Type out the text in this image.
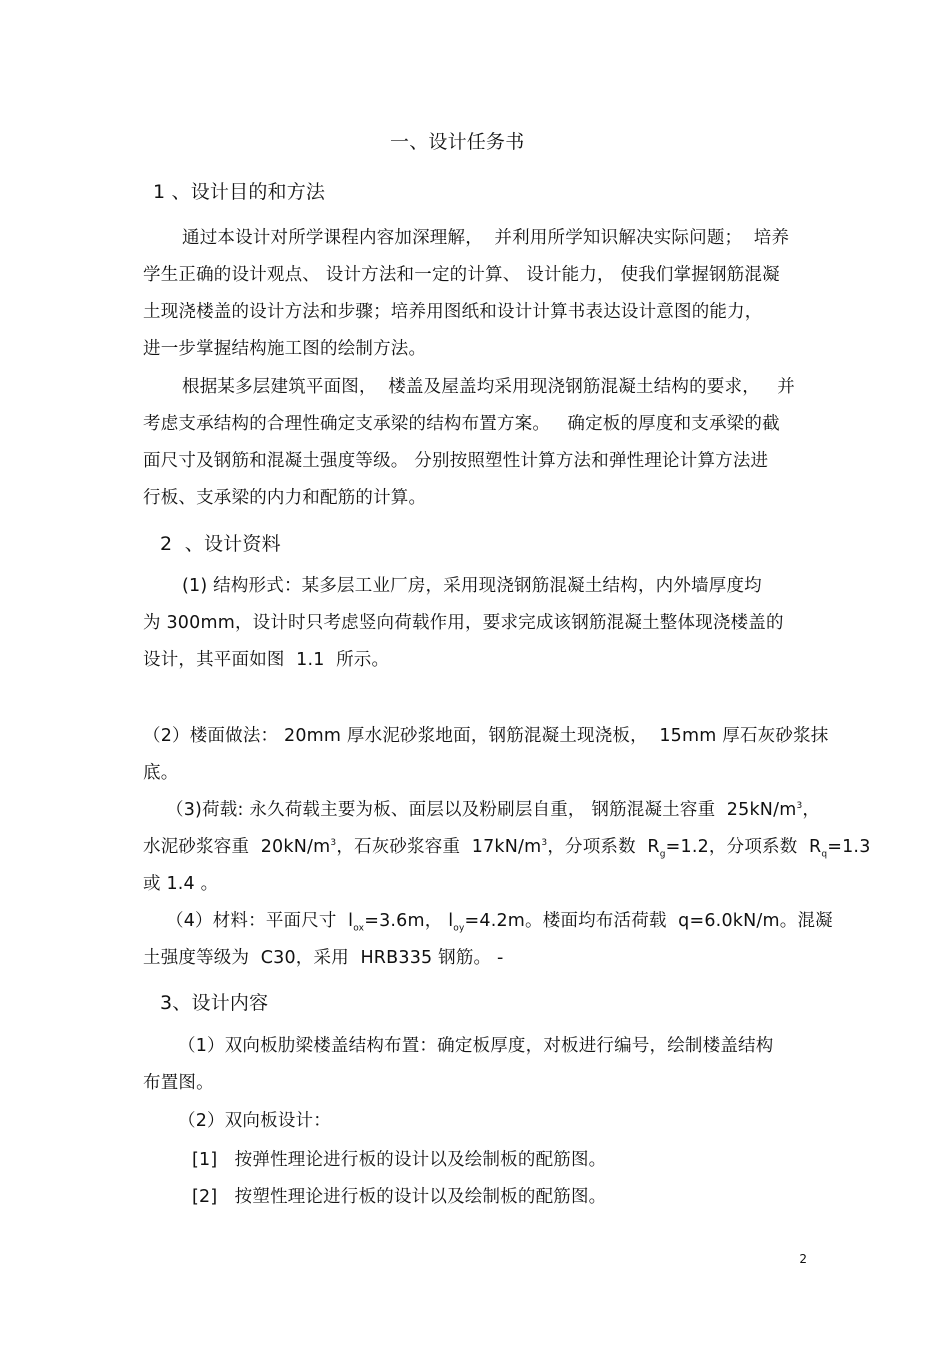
一、设计任务书
1 、设计目的和方法
通过本设计对所学课程内容加深理解，  并利用所学知识解决实际问题；  培养
学生正确的设计观点、 设计方法和一定的计算、 设计能力， 使我们掌握钢筋混凝
土现浇楼盖的设计方法和步骤；培养用图纸和设计计算书表达设计意图的能力，
进一步掌握结构施工图的绘制方法。
根据某多层建筑平面图，  楼盖及屋盖均采用现浇钢筋混凝土结构的要求，   并
考虑支承结构的合理性确定支承梁的结构布置方案。   确定板的厚度和支承梁的截
面尺寸及钢筋和混凝土强度等级。 分别按照塑性计算方法和弹性理论计算方法进
行板、支承梁的内力和配筋的计算。
2  、设计资料
(1) 结构形式：某多层工业厂房，采用现浇钢筋混凝土结构，内外墙厚度均
为 300mm，设计时只考虑竖向荷载作用，要求完成该钢筋混凝土整体现浇楼盖的
设计，其平面如图  1.1  所示。
（2）楼面做法： 20mm 厚水泥砂浆地面，钢筋混凝土现浇板，  15mm 厚石灰砂浆抹
底。
（3)荷载: 永久荷载主要为板、面层以及粉刷层自重， 钢筋混凝土容重  $25kN/m^3$，
水泥砂浆容重  $20kN/m^3$，石灰砂浆容重  $17kN/m^3$，分项系数  $R_g=1.2$，分项系数  $R_q=1.3$
或 1.4 。
（4）材料：平面尺寸  $l_{ox}=3.6m$， $l_{oy}=4.2m$。楼面均布活荷载  q=6.0kN/m。混凝
土强度等级为  C30，采用  HRB335 钢筋。 -
3、设计内容
（1）双向板肋梁楼盖结构布置：确定板厚度，对板进行编号，绘制楼盖结构
布置图。
（2）双向板设计：
[1]   按弹性理论进行板的设计以及绘制板的配筋图。
[2]   按塑性理论进行板的设计以及绘制板的配筋图。
2
